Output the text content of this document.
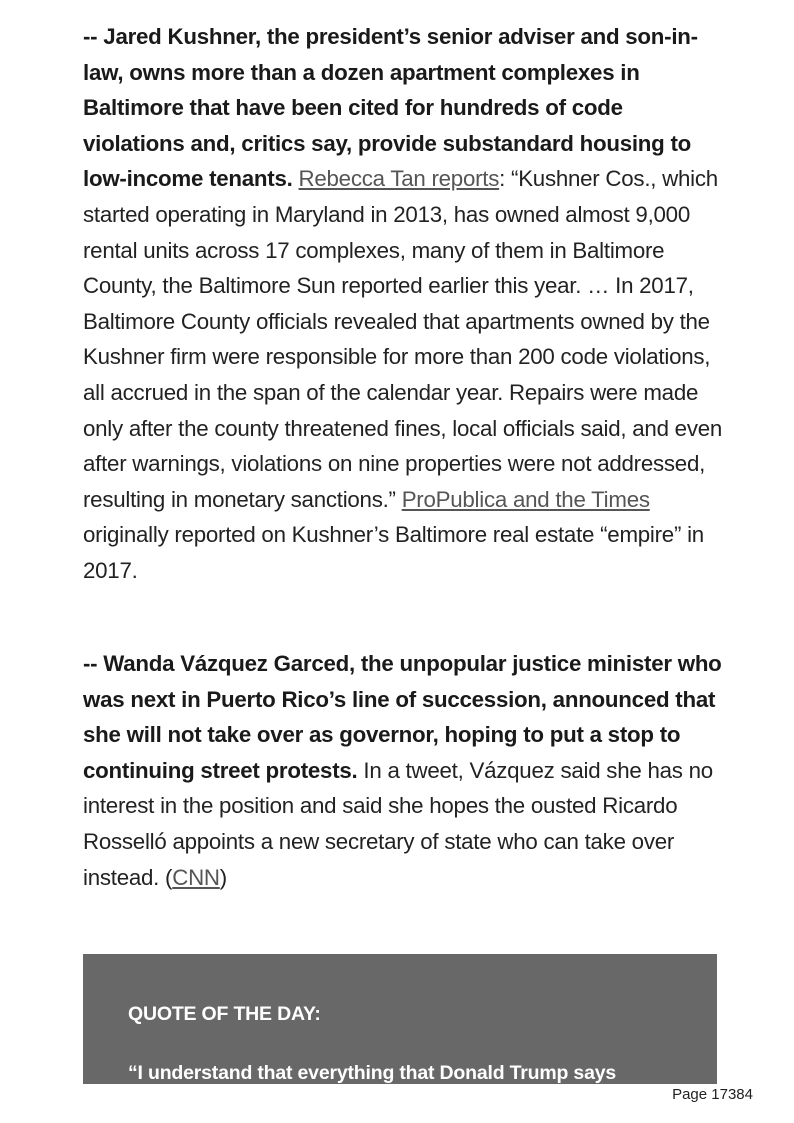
-- Jared Kushner, the president’s senior adviser and son-in-law, owns more than a dozen apartment complexes in Baltimore that have been cited for hundreds of code violations and, critics say, provide substandard housing to low-income tenants. Rebecca Tan reports: “Kushner Cos., which started operating in Maryland in 2013, has owned almost 9,000 rental units across 17 complexes, many of them in Baltimore County, the Baltimore Sun reported earlier this year. … In 2017, Baltimore County officials revealed that apartments owned by the Kushner firm were responsible for more than 200 code violations, all accrued in the span of the calendar year. Repairs were made only after the county threatened fines, local officials said, and even after warnings, violations on nine properties were not addressed, resulting in monetary sanctions.” ProPublica and the Times originally reported on Kushner’s Baltimore real estate “empire” in 2017.

-- Wanda Vázquez Garced, the unpopular justice minister who was next in Puerto Rico’s line of succession, announced that she will not take over as governor, hoping to put a stop to continuing street protests. In a tweet, Vázquez said she has no interest in the position and said she hopes the ousted Ricardo Rosselló appoints a new secretary of state who can take over instead. (CNN)

QUOTE OF THE DAY:
“I understand that everything that Donald Trump says
Page 17384
